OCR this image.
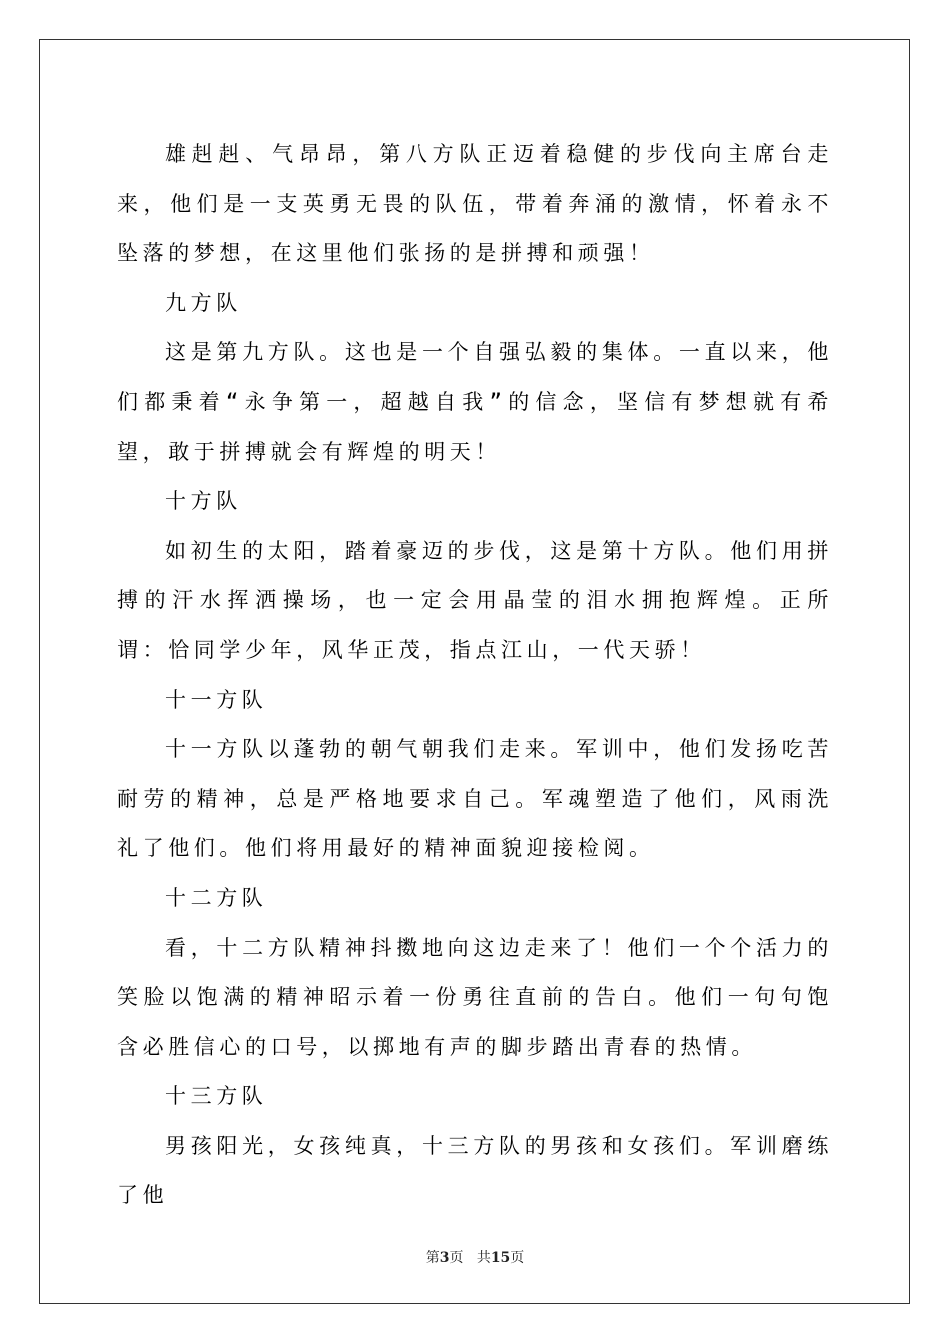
雄赳赳、气昂昂，第八方队正迈着稳健的步伐向主席台走来，他们是一支英勇无畏的队伍，带着奔涌的激情，怀着永不坠落的梦想，在这里他们张扬的是拼搏和顽强！

九方队

这是第九方队。这也是一个自强弘毅的集体。一直以来，他们都秉着“永争第一，超越自我”的信念，坚信有梦想就有希望，敢于拼搏就会有辉煌的明天！

十方队

如初生的太阳，踏着豪迈的步伐，这是第十方队。他们用拼搏的汗水挥洒操场，也一定会用晶莹的泪水拥抱辉煌。正所谓：恰同学少年，风华正茂，指点江山，一代天骄！

十一方队

十一方队以蓬勃的朝气朝我们走来。军训中，他们发扬吃苦耐劳的精神，总是严格地要求自己。军魂塑造了他们，风雨洗礼了他们。他们将用最好的精神面貌迎接检阅。

十二方队

看，十二方队精神抖擞地向这边走来了！他们一个个活力的笑脸以饱满的精神昭示着一份勇往直前的告白。他们一句句饱含必胜信心的口号，以掷地有声的脚步踏出青春的热情。

十三方队

男孩阳光，女孩纯真，十三方队的男孩和女孩们。军训磨练了他

第3页 共15页
